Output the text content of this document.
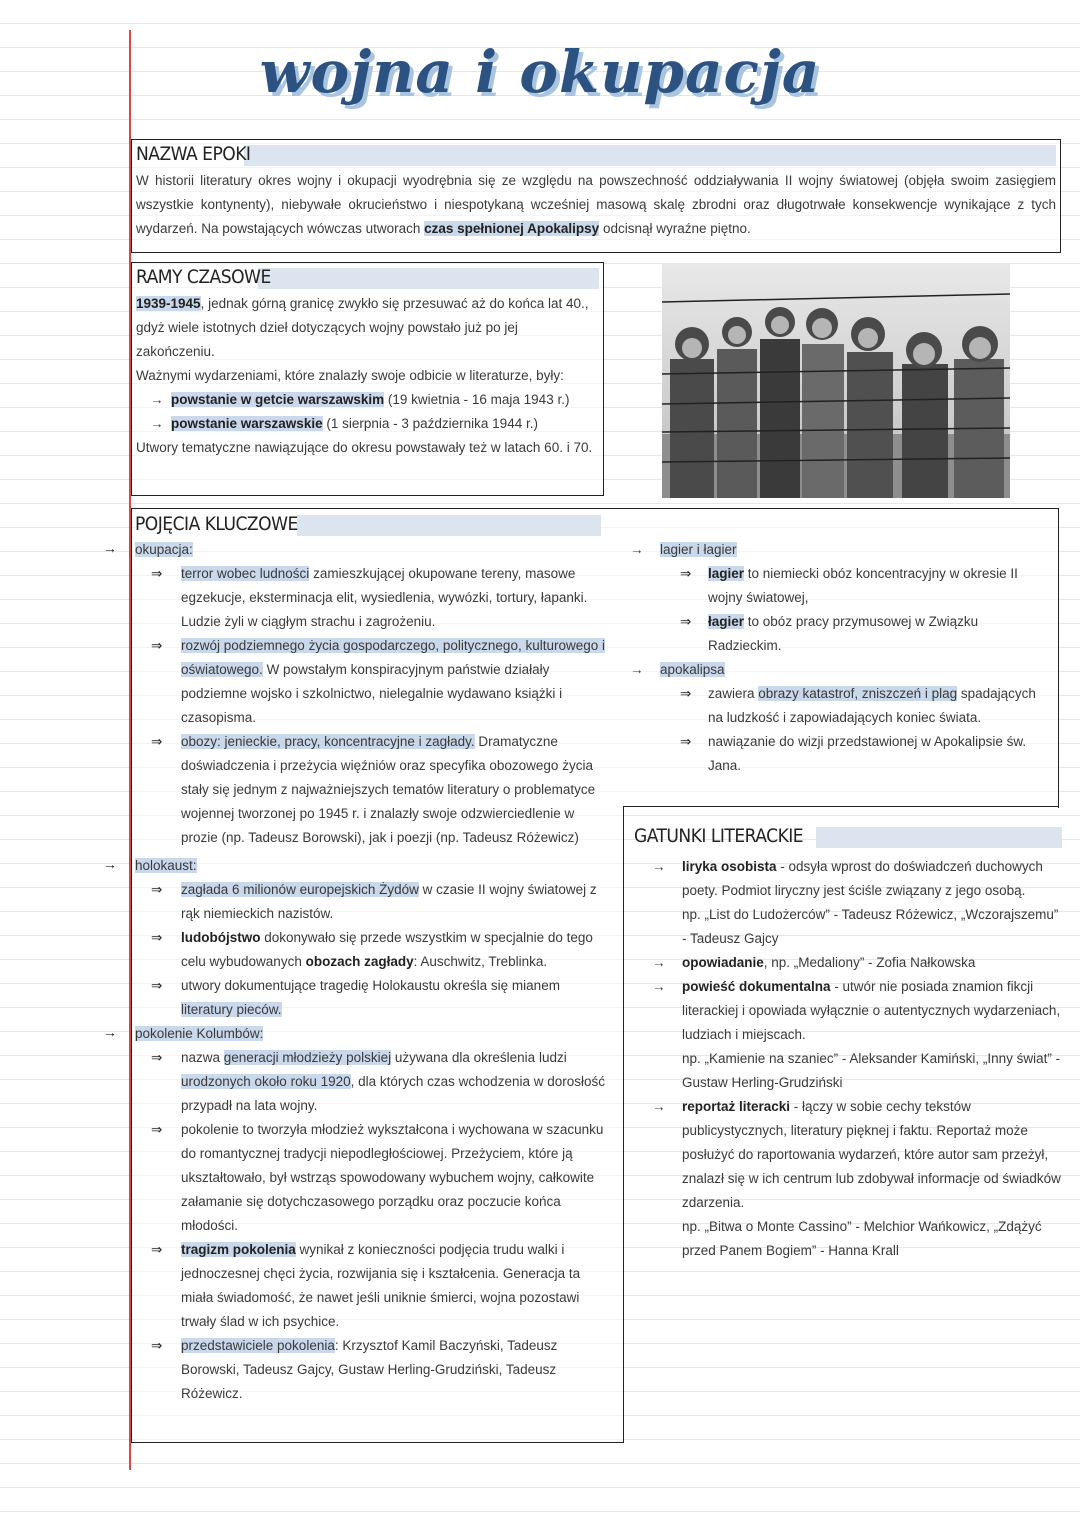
wojna i okupacja
NAZWA EPOKI

W historii literatury okres wojny i okupacji wyodrębnia się ze względu na powszechność oddziaływania II wojny światowej (objęła swoim zasięgiem wszystkie kontynenty), niebywałe okrucieństwo i niespotykaną wcześniej masową skalę zbrodni oraz długotrwałe konsekwencje wynikające z tych wydarzeń. Na powstających wówczas utworach czas spełnionej Apokalipsy odcisnął wyraźne piętno.

RAMY CZASOWE

1939-1945, jednak górną granicę zwykło się przesuwać aż do końca lat 40., gdyż wiele istotnych dzieł dotyczących wojny powstało już po jej zakończeniu.

Ważnymi wydarzeniami, które znalazły swoje odbicie w literaturze, były:

→ powstanie w getcie warszawskim (19 kwietnia - 16 maja 1943 r.)

→ powstanie warszawskie (1 sierpnia - 3 października 1944 r.)

Utwory tematyczne nawiązujące do okresu powstawały też w latach 60. i 70.

POJĘCIA KLUCZOWE
→ okupacja:

⇒ terror wobec ludności zamieszkującej okupowane tereny, masowe egzekucje, eksterminacja elit, wysiedlenia, wywózki, tortury, łapanki. Ludzie żyli w ciągłym strachu i zagrożeniu.
⇒ rozwój podziemnego życia gospodarczego, politycznego, kulturowego i oświatowego. W powstałym konspiracyjnym państwie działały podziemne wojsko i szkolnictwo, nielegalnie wydawano książki i czasopisma.
⇒ obozy: jenieckie, pracy, koncentracyjne i zagłady. Dramatyczne doświadczenia i przeżycia więźniów oraz specyfika obozowego życia stały się jednym z najważniejszych tematów literatury o problematyce wojennej tworzonej po 1945 r. i znalazły swoje odzwierciedlenie w prozie (np. Tadeusz Borowski), jak i poezji (np. Tadeusz Różewicz)
→ holokaust:

⇒ zagłada 6 milionów europejskich Żydów w czasie II wojny światowej z rąk niemieckich nazistów.
⇒ ludobójstwo dokonywało się przede wszystkim w specjalnie do tego celu wybudowanych obozach zagłady: Auschwitz, Treblinka.
⇒ utwory dokumentujące tragedię Holokaustu określa się mianem literatury pieców.
→ pokolenie Kolumbów:

⇒ nazwa generacji młodzieży polskiej używana dla określenia ludzi urodzonych około roku 1920, dla których czas wchodzenia w dorosłość przypadł na lata wojny.
⇒ pokolenie to tworzyła młodzież wykształcona i wychowana w szacunku do romantycznej tradycji niepodległościowej. Przeżyciem, które ją ukształtowało, był wstrząs spowodowany wybuchem wojny, całkowite załamanie się dotychczasowego porządku oraz poczucie końca młodości.
⇒ tragizm pokolenia wynikał z konieczności podjęcia trudu walki i jednoczesnej chęci życia, rozwijania się i kształcenia. Generacja ta miała świadomość, że nawet jeśli uniknie śmierci, wojna pozostawi trwały ślad w ich psychice.
⇒ przedstawiciele pokolenia: Krzysztof Kamil Baczyński, Tadeusz Borowski, Tadeusz Gajcy, Gustaw Herling-Grudziński, Tadeusz Różewicz.
→ lagier i łagier
⇒ lagier to niemiecki obóz koncentracyjny w okresie II wojny światowej,
⇒ łagier to obóz pracy przymusowej w Związku Radzieckim.
→ apokalipsa
⇒ zawiera obrazy katastrof, zniszczeń i plag spadających na ludzkość i zapowiadających koniec świata.
⇒ nawiązanie do wizji przedstawionej w Apokalipsie św. Jana.
GATUNKI LITERACKIE
→ liryka osobista - odsyła wprost do doświadczeń duchowych poety. Podmiot liryczny jest ściśle związany z jego osobą.
np. „List do Ludożerców” - Tadeusz Różewicz, „Wczorajszemu” - Tadeusz Gajcy
→ opowiadanie, np. „Medaliony” - Zofia Nałkowska
→ powieść dokumentalna - utwór nie posiada znamion fikcji literackiej i opowiada wyłącznie o autentycznych wydarzeniach, ludziach i miejscach.
np. „Kamienie na szaniec” - Aleksander Kamiński, „Inny świat” - Gustaw Herling-Grudziński
→ reportaż literacki - łączy w sobie cechy tekstów publicystycznych, literatury pięknej i faktu. Reportaż może posłużyć do raportowania wydarzeń, które autor sam przeżył, znalazł się w ich centrum lub zdobywał informacje od świadków zdarzenia.
np. „Bitwa o Monte Cassino” - Melchior Wańkowicz, „Zdążyć przed Panem Bogiem” - Hanna Krall
